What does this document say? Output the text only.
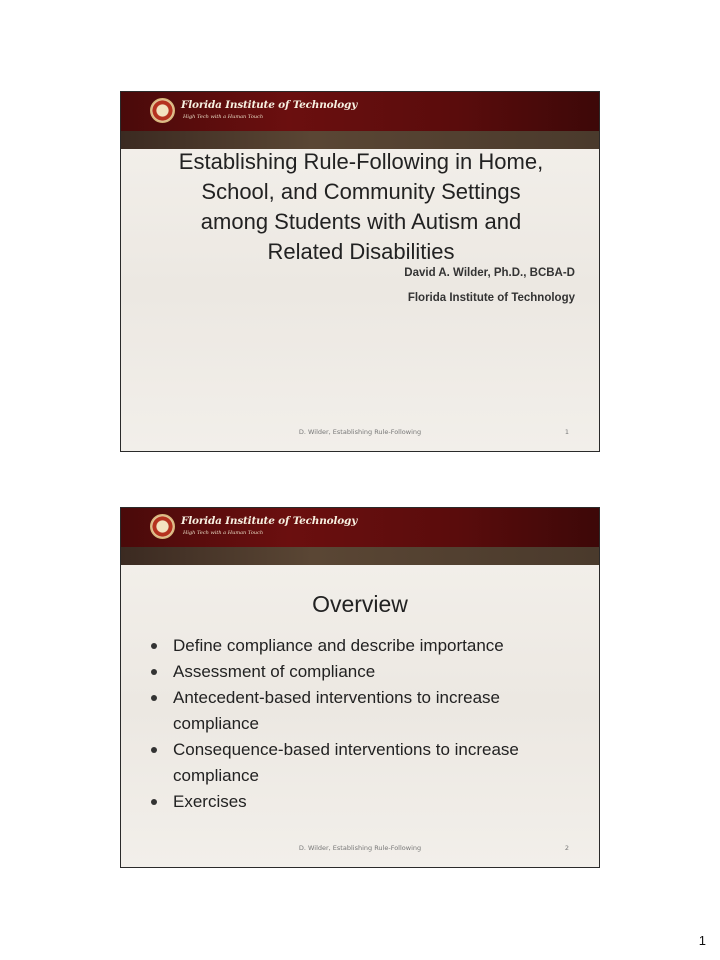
Florida Institute of Technology
High Tech with a Human Touch
Establishing Rule-Following in Home,
School, and Community Settings
among Students with Autism and
Related Disabilities
David A. Wilder, Ph.D., BCBA-D
Florida Institute of Technology
D. Wilder, Establishing Rule-Following	1
Florida Institute of Technology
High Tech with a Human Touch
Overview
Define compliance and describe importance
Assessment of compliance
Antecedent-based interventions to increase compliance
Consequence-based interventions to increase compliance
Exercises
D. Wilder, Establishing Rule-Following	2
1
